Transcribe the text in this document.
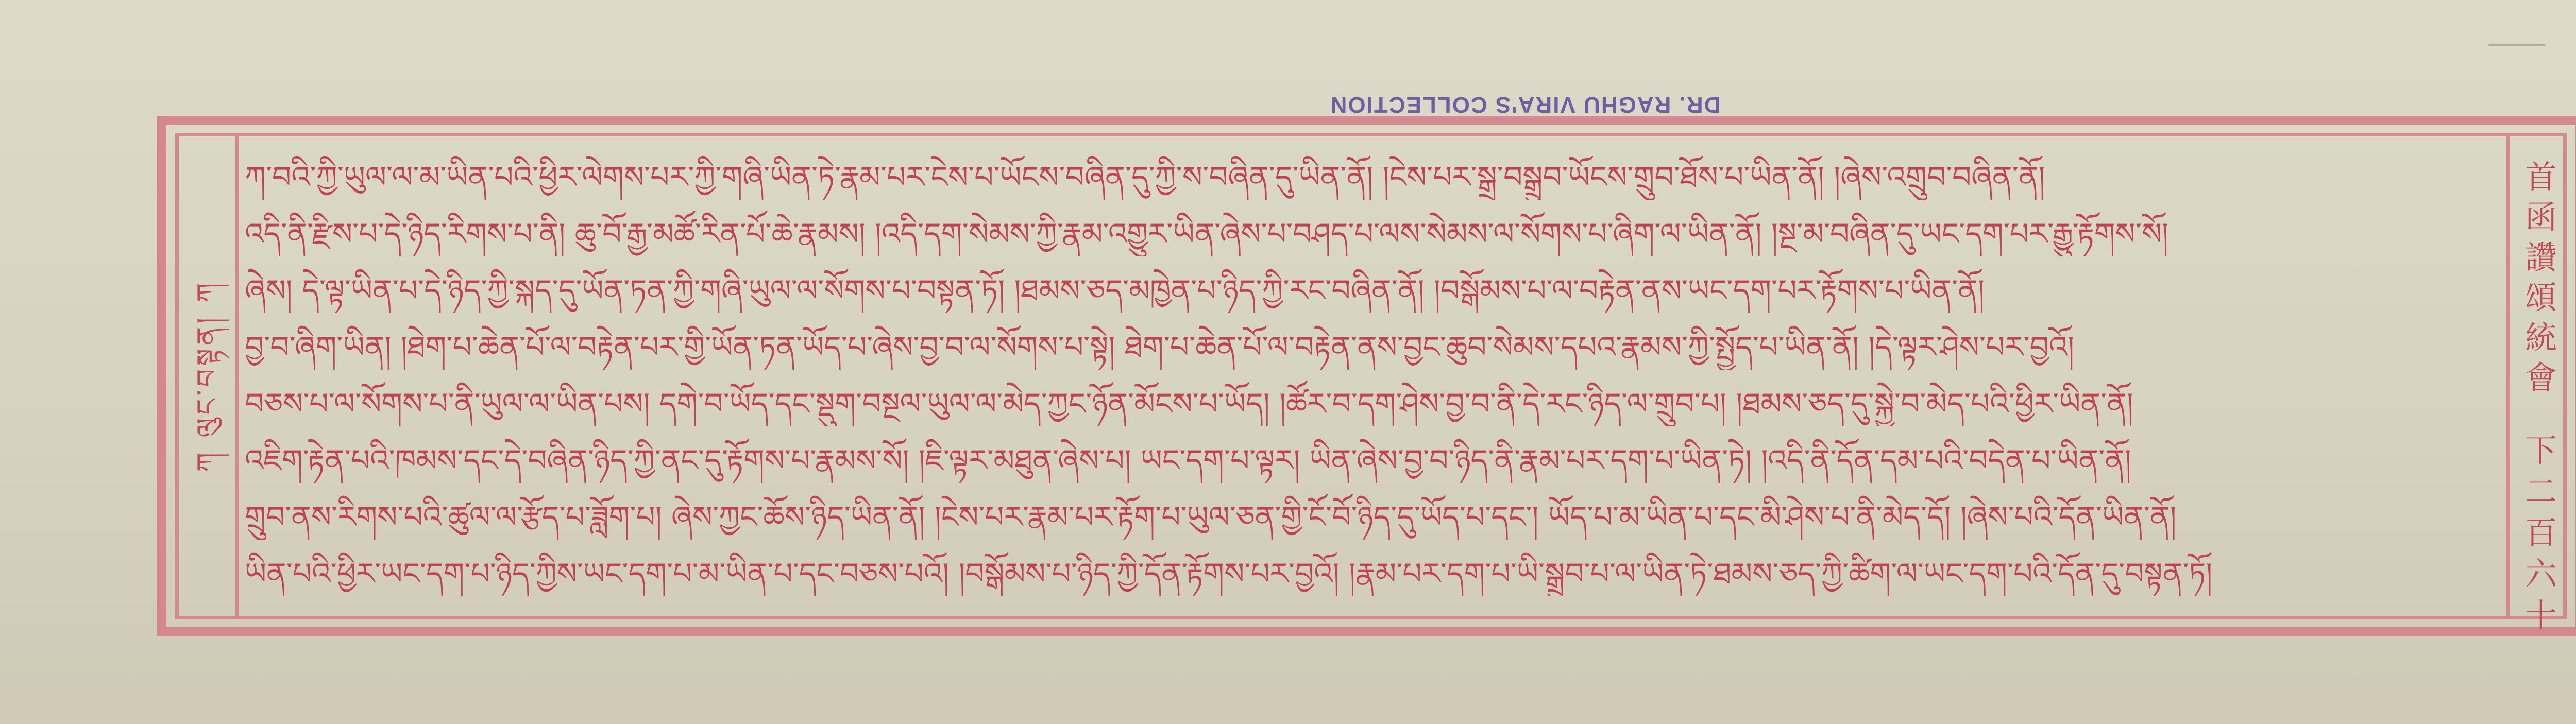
DR. RAGHU VIRA'S COLLECTION
ཀ ལུང་བསྟན། ཀ
首函讚頌統會
下二百六十
ཀ་བའི་ཀྱི་ཡུལ་ལ་མ་ཡིན་པའི་ཕྱིར་ལེགས་པར་ཀྱི་གཞི་ཡིན་ཏེ་རྣམ་པར་ངེས་པ་ཡོངས་བཞིན་དུ་ཀྱི་ས་བཞིན་དུ་ཡིན་ནོ། །ངེས་པར་སྒྲ་བསྒྲུབ་ཡོངས་གྲུབ་ཐོས་པ་ཡིན་ནོ། །ཞེས་འགྲུབ་བཞིན་ནོ།
འདི་ནི་རྫིས་པ་དེ་ཉིད་རིགས་པ་ནི། ཆུ་བོ་རྒྱ་མཚོ་རིན་པོ་ཆེ་རྣམས། །འདི་དག་སེམས་ཀྱི་རྣམ་འགྱུར་ཡིན་ཞེས་པ་བཤད་པ་ལས་སེམས་ལ་སོགས་པ་ཞིག་ལ་ཡིན་ནོ། །སྔ་མ་བཞིན་དུ་ཡང་དག་པར་རྒྱུ་རྟོགས་སོ།
ཞེས། དེ་ལྟ་ཡིན་པ་དེ་ཉིད་ཀྱི་སྐད་དུ་ཡོན་ཏན་ཀྱི་གཞི་ཡུལ་ལ་སོགས་པ་བསྟན་ཏོ། །ཐམས་ཅད་མཁྱེན་པ་ཉིད་ཀྱི་རང་བཞིན་ནོ། །བསྒོམས་པ་ལ་བརྟེན་ནས་ཡང་དག་པར་རྟོགས་པ་ཡིན་ནོ།
བྱ་བ་ཞིག་ཡིན། །ཐེག་པ་ཆེན་པོ་ལ་བརྟེན་པར་གྱི་ཡོན་ཏན་ཡོད་པ་ཞེས་བྱ་བ་ལ་སོགས་པ་སྟེ། ཐེག་པ་ཆེན་པོ་ལ་བརྟེན་ནས་བྱང་ཆུབ་སེམས་དཔའ་རྣམས་ཀྱི་སྤྱོད་པ་ཡིན་ནོ། །དེ་ལྟར་ཤེས་པར་བྱའོ།
བཅས་པ་ལ་སོགས་པ་ནི་ཡུལ་ལ་ཡིན་པས། དགེ་བ་ཡོད་དང་སྡུག་བསྔལ་ཡུལ་ལ་མེད་ཀྱང་ཉོན་མོངས་པ་ཡོད། །ཚོར་བ་དག་ཤེས་བྱ་བ་ནི་དེ་རང་ཉིད་ལ་གྲུབ་པ། །ཐམས་ཅད་དུ་སྐྱེ་བ་མེད་པའི་ཕྱིར་ཡིན་ནོ།
འཇིག་རྟེན་པའི་ཁམས་དང་དེ་བཞིན་ཉིད་ཀྱི་ནང་དུ་རྟོགས་པ་རྣམས་སོ། །ཇི་ལྟར་མཐུན་ཞེས་པ། ཡང་དག་པ་ལྟར། ཡིན་ཞེས་བྱ་བ་ཉིད་ནི་རྣམ་པར་དག་པ་ཡིན་ཏེ། །འདི་ནི་དོན་དམ་པའི་བདེན་པ་ཡིན་ནོ།
གྲུབ་ནས་རིགས་པའི་ཚུལ་ལ་རྩོད་པ་ཟློག་པ། ཞེས་ཀྱང་ཆོས་ཉིད་ཡིན་ནོ། །ངེས་པར་རྣམ་པར་རྟོག་པ་ཡུལ་ཅན་གྱི་ངོ་བོ་ཉིད་དུ་ཡོད་པ་དང་། ཡོད་པ་མ་ཡིན་པ་དང་མི་ཤེས་པ་ནི་མེད་དོ། །ཞེས་པའི་དོན་ཡིན་ནོ།
ཡིན་པའི་ཕྱིར་ཡང་དག་པ་ཉིད་ཀྱིས་ཡང་དག་པ་མ་ཡིན་པ་དང་བཅས་པའོ། །བསྒོམས་པ་ཉིད་ཀྱི་དོན་རྟོགས་པར་བྱའོ། །རྣམ་པར་དག་པ་ཡི་སྒྲུབ་པ་ལ་ཡིན་ཏེ་ཐམས་ཅད་ཀྱི་ཚིག་ལ་ཡང་དག་པའི་དོན་དུ་བསྟན་ཏོ།
